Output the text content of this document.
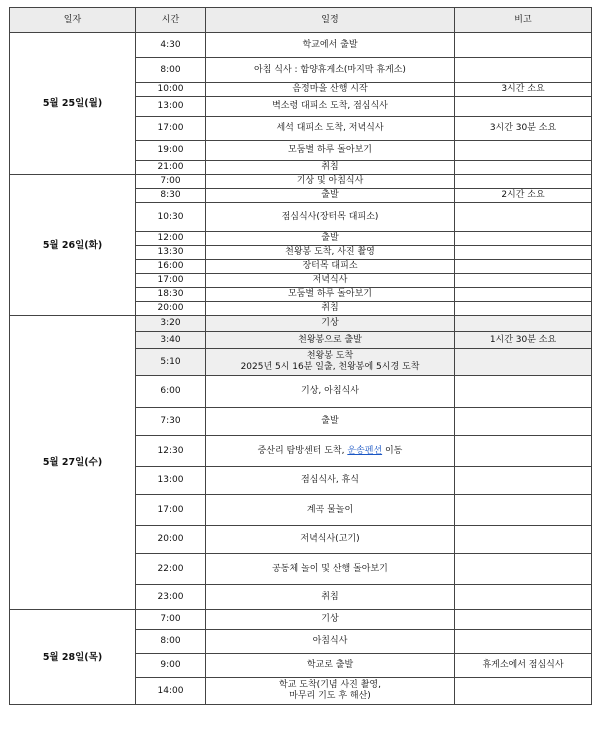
일자	시간	일정	비고
5월 25일(월)	4:30	학교에서 출발	
	8:00	아침 식사 : 함양휴게소(마지막 휴게소)	
	10:00	음정마을 산행 시작	3시간 소요
	13:00	벽소령 대피소 도착, 점심식사	
	17:00	세석 대피소 도착, 저녁식사	3시간 30분 소요
	19:00	모둠별 하루 돌아보기	
	21:00	취침	
5월 26일(화)	7:00	기상 및 아침식사	
	8:30	출발	2시간 소요
	10:30	점심식사(장터목 대피소)	
	12:00	출발	
	13:30	천왕봉 도착, 사진 촬영	
	16:00	장터목 대피소	
	17:00	저녁식사	
	18:30	모둠별 하루 돌아보기	
	20:00	취침	
5월 27일(수)	3:20	기상	
	3:40	천왕봉으로 출발	1시간 30분 소요
	5:10	천왕봉 도착
2025년 5시 16분 일출, 천왕봉에 5시경 도착	
	6:00	기상, 아침식사	
	7:30	출발	
	12:30	중산리 탐방센터 도착, 운송펜션 이동	
	13:00	점심식사, 휴식	
	17:00	계곡 물놀이	
	20:00	저녁식사(고기)	
	22:00	공동체 놀이 및 산행 돌아보기	
	23:00	취침	
5월 28일(목)	7:00	기상	
	8:00	아침식사	
	9:00	학교로 출발	휴게소에서 점심식사
	14:00	학교 도착(기념 사진 촬영,
마무리 기도 후 해산)	
